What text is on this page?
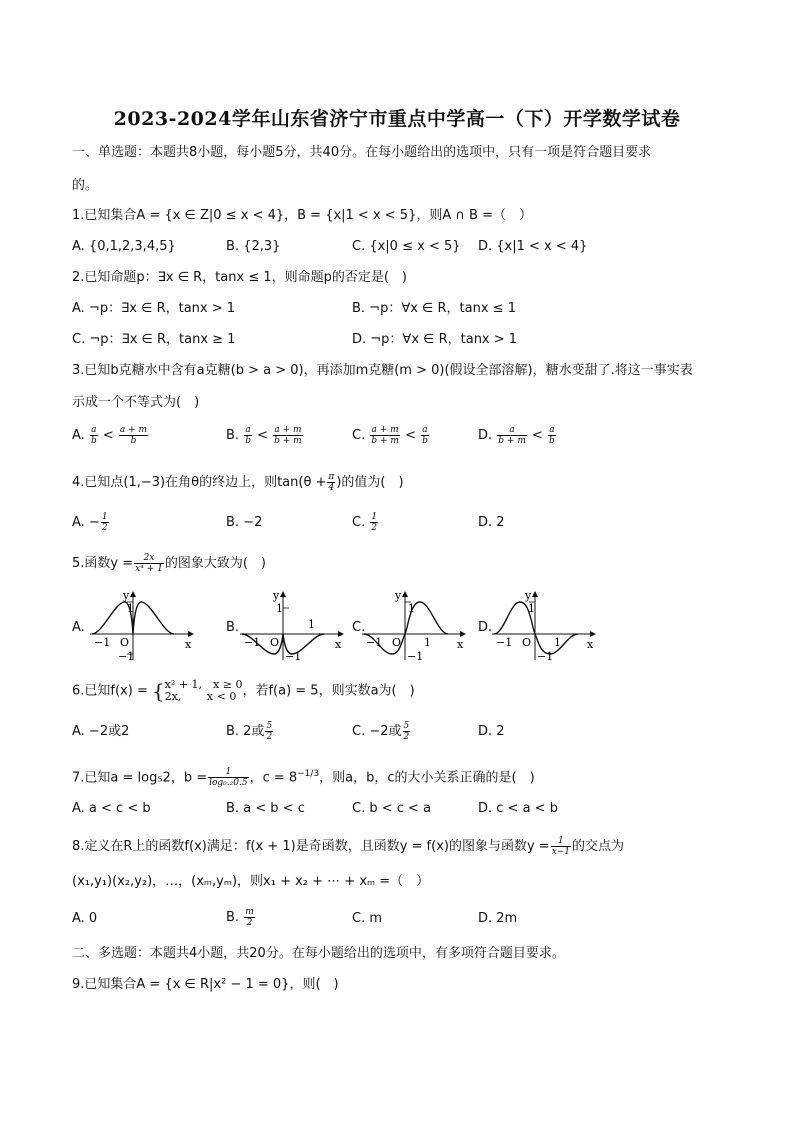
2023-2024学年山东省济宁市重点中学高一（下）开学数学试卷
一、单选题：本题共8小题，每小题5分，共40分。在每小题给出的选项中，只有一项是符合题目要求
的。
1.已知集合A = {x ∈ Z|0 ≤ x < 4}，B = {x|1 < x < 5}，则A ∩ B =（　）
A. {0,1,2,3,4,5}	B. {2,3}	C. {x|0 ≤ x < 5} D. {x|1 < x < 4}
2.已知命题p：∃x ∈ R，tanx ≤ 1，则命题p的否定是(　)
A. ¬p：∃x ∈ R，tanx > 1	B. ¬p：∀x ∈ R，tanx ≤ 1
C. ¬p：∃x ∈ R，tanx ≥ 1	D. ¬p：∀x ∈ R，tanx > 1
3.已知b克糖水中含有a克糖(b > a > 0)，再添加m克糖(m > 0)(假设全部溶解)，糖水变甜了.将这一事实表
示成一个不等式为(　)
A. $\frac{a}{b} < \frac{a + m}{b}$	B. $\frac{a}{b} < \frac{a + m}{b + m}$	C. $\frac{a + m}{b + m} < \frac{a}{b}$	D. $\frac{a}{b + m} < \frac{a}{b}$
4.已知点(1,−3)在角θ的终边上，则$\tan(\theta + \frac{\pi}{4}$ )的值为(　)
A. − $\frac{1}{2}$	B. −2	C. $\frac{1}{2}$	D. 2
5.函数$y = \frac{2x}{\text{x⁴ + 1}}$ 的图象大致为(　)
A.	B.	C.	D.
y
1
−1 O
−1
x
y
1
−1 O
1
−1
x
y
1
−1 O 1
−1
x
y
1
−1 O 1
−1
x
6.已知f(x) = { x² + 1,　x ≥ 0
2x,　　 x < 0 ，若f(a) = 5，则实数a为(　)
A. −2或2	B. 2或 $\frac{5}{2}$	C. −2或 $\frac{5}{2}$	D. 2
7.已知a = log₅2，$b = \frac{1}{\text{log₀.₂0.5}}$ ，$c = 8^{-1/3}$，则a，b，c的大小关系正确的是(　)
A. a < c < b	B. a < b < c	C. b < c < a	D. c < a < b
8.定义在R上的函数f(x)满足：f(x + 1)是奇函数，且函数y = f(x)的图象与函数$y = \frac{1}{x-1}$ 的交点为
(x₁,y₁)(x₂,y₂)，…，(xₘ,yₘ)，则x₁ + x₂ + ⋯ + xₘ =（　）
A. 0	B. $\frac{m}{2}$	C. m	D. 2m
二、多选题：本题共4小题，共20分。在每小题给出的选项中，有多项符合题目要求。
9.已知集合A = {x ∈ R|x² − 1 = 0}，则(　)
